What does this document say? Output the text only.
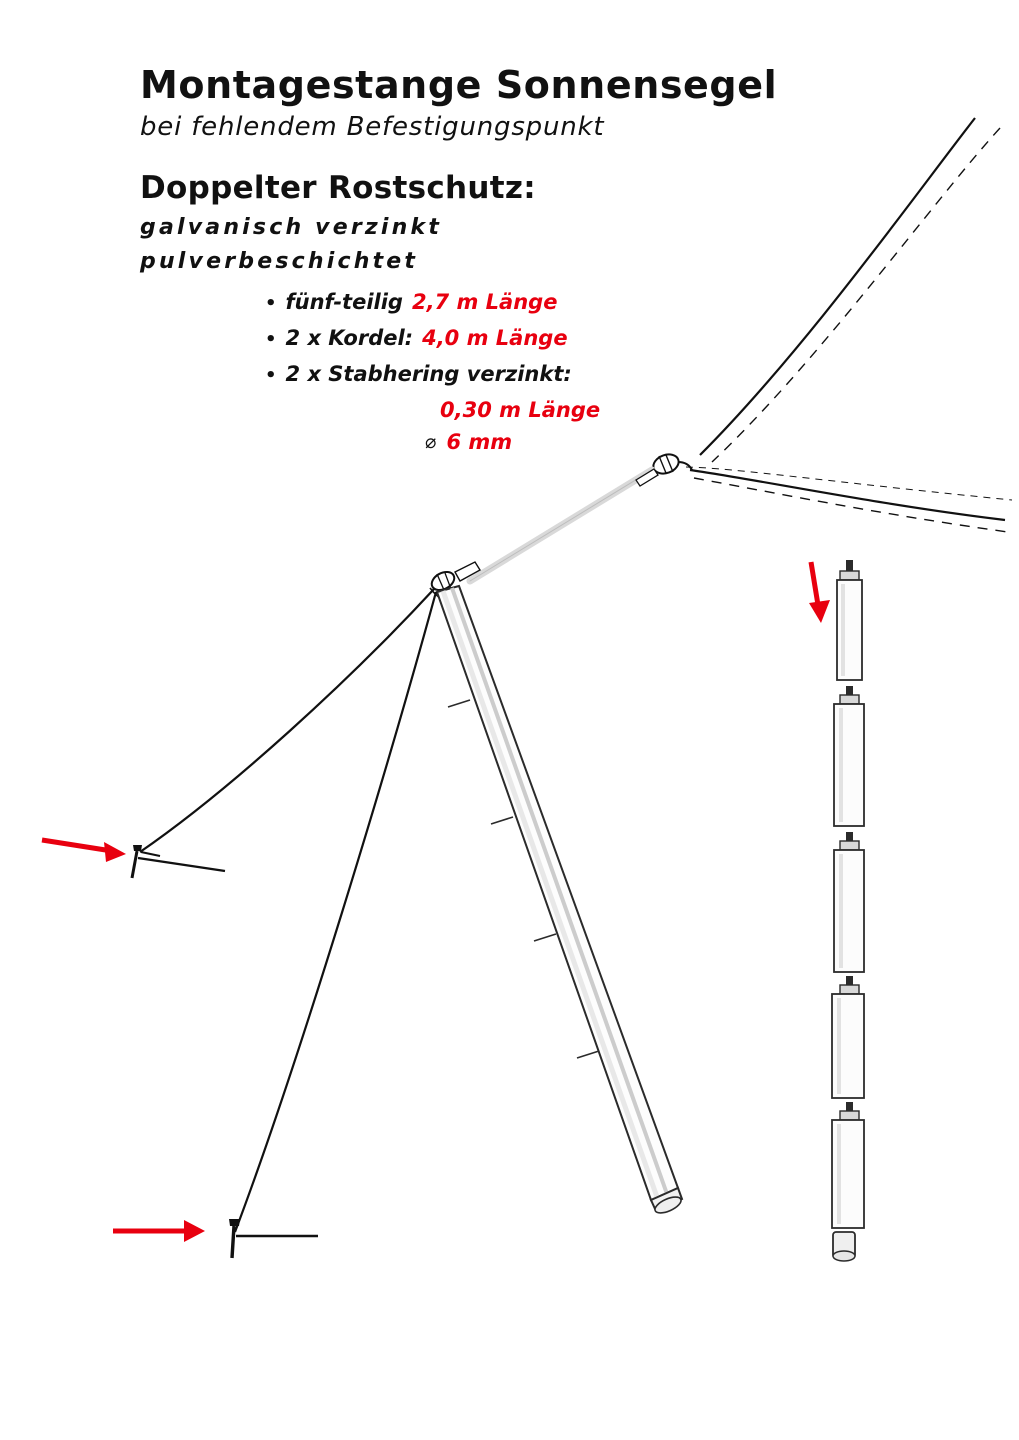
Montagestange Sonnensegel
bei fehlendem Befestigungspunkt
Doppelter Rostschutz:
galvanisch verzinkt
pulverbeschichtet
• fünf-teilig 2,7 m Länge
• 2 x Kordel: 4,0 m Länge
• 2 x Stabhering verzinkt:
0,30 m Länge
⌀ 6 mm
